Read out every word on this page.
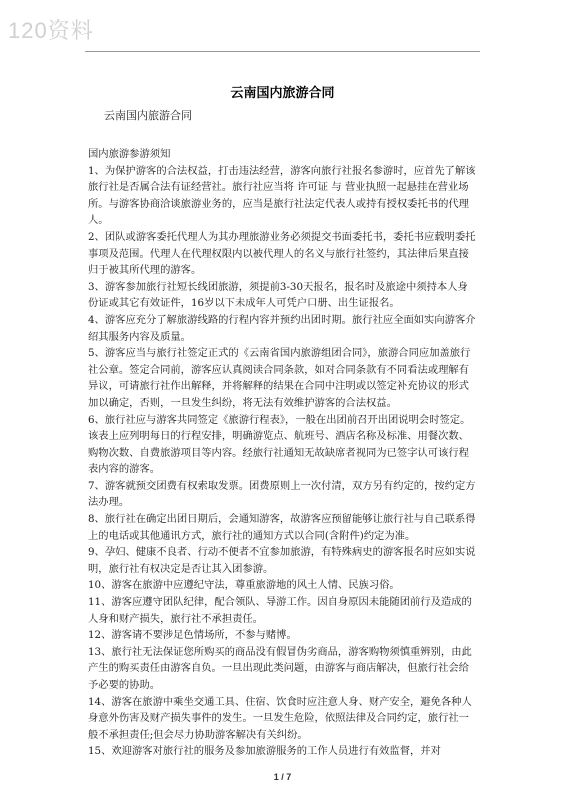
120资料
云南国内旅游合同
云南国内旅游合同
国内旅游参游须知
1、为保护游客的合法权益，打击违法经营，游客向旅行社报名参游时，应首先了解该旅行社是否属合法有证经营社。旅行社应当将 许可证 与 营业执照一起悬挂在营业场所。与游客协商洽谈旅游业务的，应当是旅行社法定代表人或持有授权委托书的代理人。
2、团队或游客委托代理人为其办理旅游业务必须提交书面委托书，委托书应载明委托事项及范围。代理人在代理权限内以被代理人的名义与旅行社签约，其法律后果直接归于被其所代理的游客。
3、游客参加旅行社短长线团旅游，须提前3-30天报名，报名时及旅途中须持本人身份证或其它有效证件，16岁以下未成年人可凭户口册、出生证报名。
4、游客应充分了解旅游线路的行程内容并预约出团时期。旅行社应全面如实向游客介绍其服务内容及质量。
5、游客应当与旅行社签定正式的《云南省国内旅游组团合同》，旅游合同应加盖旅行社公章。签定合同前，游客应认真阅读合同条款，如对合同条款有不同看法或理解有异议，可请旅行社作出解释，并将解释的结果在合同中注明或以签定补充协议的形式加以确定，否则，一旦发生纠纷，将无法有效维护游客的合法权益。
6、旅行社应与游客共同签定《旅游行程表》，一般在出团前召开出团说明会时签定。该表上应列明每日的行程安排，明确游览点、航班号、酒店名称及标准、用餐次数、购物次数、自费旅游项目等内容。经旅行社通知无故缺席者视同为已签字认可该行程表内容的游客。
7、游客就预交团费有权索取发票。团费原则上一次付清，双方另有约定的，按约定方法办理。
8、旅行社在确定出团日期后，会通知游客，故游客应预留能够让旅行社与自己联系得上的电话或其他通讯方式，旅行社的通知方式以合同(含附件)约定为准。
9、孕妇、健康不良者、行动不便者不宜参加旅游，有特殊病史的游客报名时应如实说明，旅行社有权决定是否让其入团参游。
10、游客在旅游中应遵纪守法，尊重旅游地的风土人情、民族习俗。
11、游客应遵守团队纪律，配合领队、导游工作。因自身原因未能随团前行及造成的人身和财产损失，旅行社不承担责任。
12、游客请不要涉足色情场所，不参与赌博。
13、旅行社无法保证您所购买的商品没有假冒伪劣商品，游客购物须慎重辨别，由此产生的购买责任由游客自负。一旦出现此类问题，由游客与商店解决，但旅行社会给予必要的协助。
14、游客在旅游中乘坐交通工具、住宿、饮食时应注意人身、财产安全，避免各种人身意外伤害及财产损失事件的发生。一旦发生危险，依照法律及合同约定，旅行社一般不承担责任;但会尽力协助游客解决有关纠纷。
15、欢迎游客对旅行社的服务及参加旅游服务的工作人员进行有效监督，并对
1 / 7
